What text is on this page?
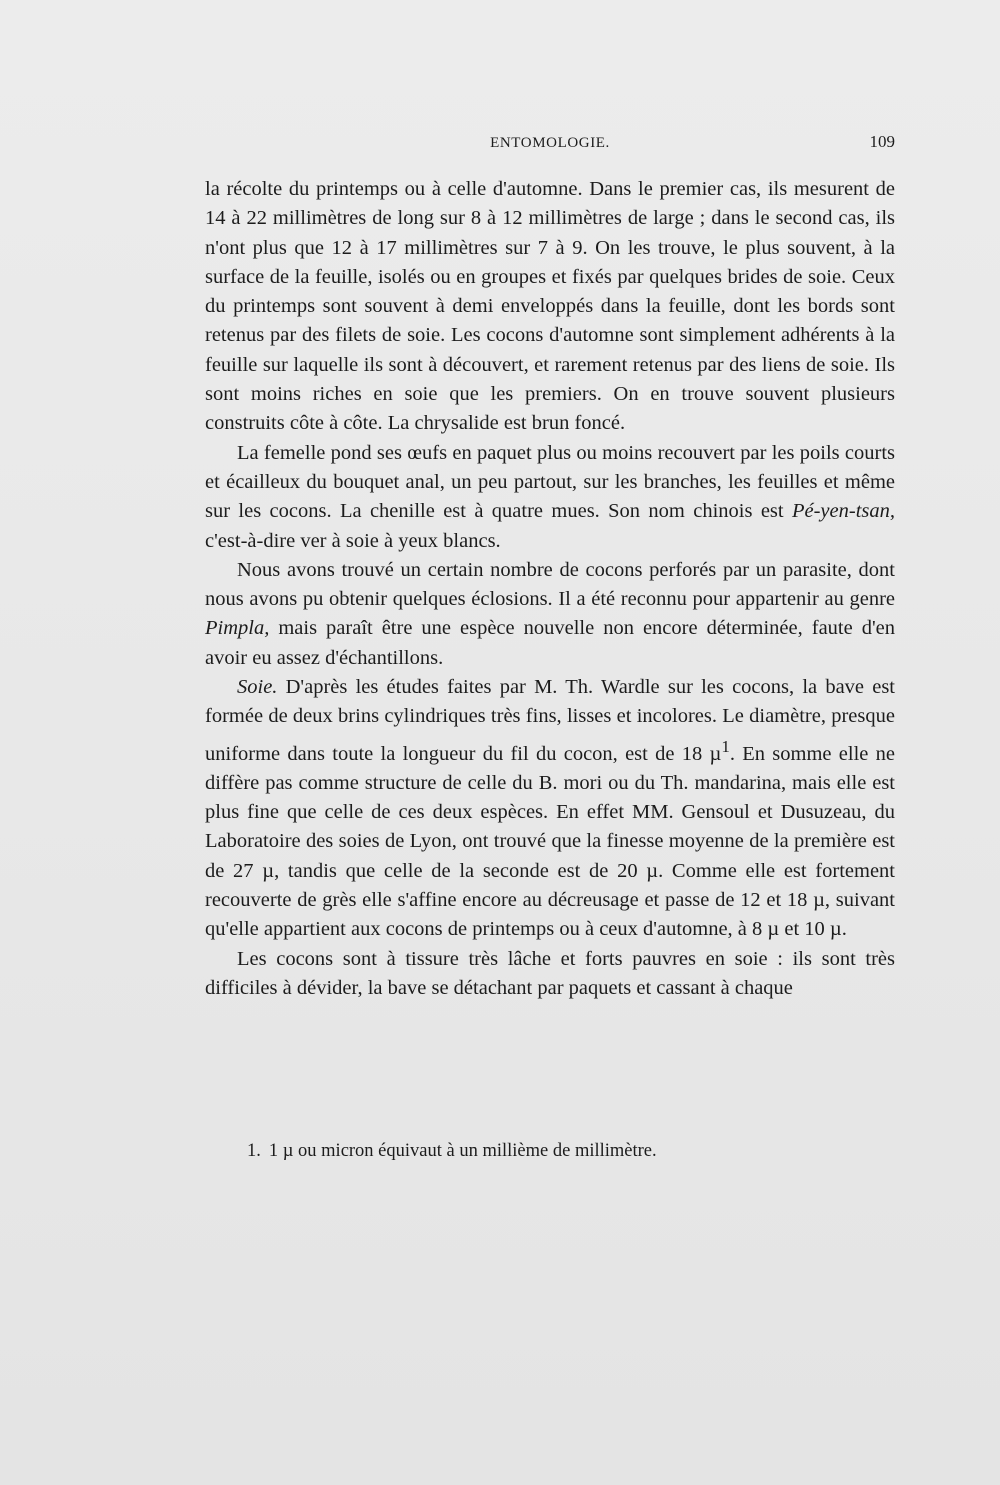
ENTOMOLOGIE.	109

la récolte du printemps ou à celle d'automne. Dans le premier cas, ils mesurent de 14 à 22 millimètres de long sur 8 à 12 millimètres de large ; dans le second cas, ils n'ont plus que 12 à 17 millimètres sur 7 à 9. On les trouve, le plus souvent, à la surface de la feuille, isolés ou en groupes et fixés par quelques brides de soie. Ceux du printemps sont souvent à demi enveloppés dans la feuille, dont les bords sont retenus par des filets de soie. Les cocons d'automne sont simplement adhérents à la feuille sur laquelle ils sont à découvert, et rarement retenus par des liens de soie. Ils sont moins riches en soie que les premiers. On en trouve souvent plusieurs construits côte à côte. La chrysalide est brun foncé.

La femelle pond ses œufs en paquet plus ou moins recouvert par les poils courts et écailleux du bouquet anal, un peu partout, sur les branches, les feuilles et même sur les cocons. La chenille est à quatre mues. Son nom chinois est Pé-yen-tsan, c'est-à-dire ver à soie à yeux blancs.

Nous avons trouvé un certain nombre de cocons perforés par un parasite, dont nous avons pu obtenir quelques éclosions. Il a été reconnu pour appartenir au genre Pimpla, mais paraît être une espèce nouvelle non encore déterminée, faute d'en avoir eu assez d'échantillons.

Soie. D'après les études faites par M. Th. Wardle sur les cocons, la bave est formée de deux brins cylindriques très fins, lisses et incolores. Le diamètre, presque uniforme dans toute la longueur du fil du cocon, est de 18 µ$^1$. En somme elle ne diffère pas comme structure de celle du B. mori ou du Th. mandarina, mais elle est plus fine que celle de ces deux espèces. En effet MM. Gensoul et Dusuzeau, du Laboratoire des soies de Lyon, ont trouvé que la finesse moyenne de la première est de 27 µ, tandis que celle de la seconde est de 20 µ. Comme elle est fortement recouverte de grès elle s'affine encore au décreusage et passe de 12 et 18 µ, suivant qu'elle appartient aux cocons de printemps ou à ceux d'automne, à 8 µ et 10 µ.

Les cocons sont à tissure très lâche et forts pauvres en soie : ils sont très difficiles à dévider, la bave se détachant par paquets et cassant à chaque

1. 1 µ ou micron équivaut à un millième de millimètre.
